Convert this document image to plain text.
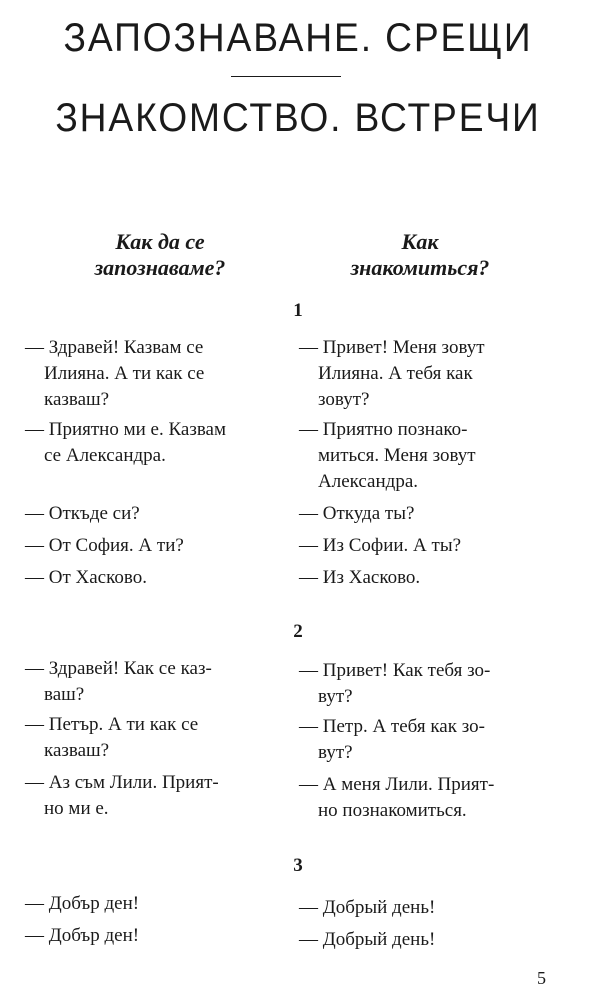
ЗАПОЗНАВАНЕ. СРЕЩИ
ЗНАКОМСТВО. ВСТРЕЧИ
Как да се
запознаваме?
Как
знакомиться?
1
2
3
— Здравей! Казвам се
Илияна. А ти как се
казваш?
— Приятно ми е. Казвам
се Александра.
— Откъде си?
— От София. А ти?
— От Хасково.
— Привет! Меня зовут
Илияна. А тебя как
зовут?
— Приятно познако-
миться. Меня зовут
Александра.
— Откуда ты?
— Из Софии. А ты?
— Из Хасково.
— Здравей! Как се каз-
ваш?
— Петър. А ти как се
казваш?
— Аз съм Лили. Прият-
но ми е.
— Привет! Как тебя зо-
вут?
— Петр. А тебя как зо-
вут?
— А меня Лили. Прият-
но познакомиться.
— Добър ден!
— Добър ден!
— Добрый день!
— Добрый день!
5
